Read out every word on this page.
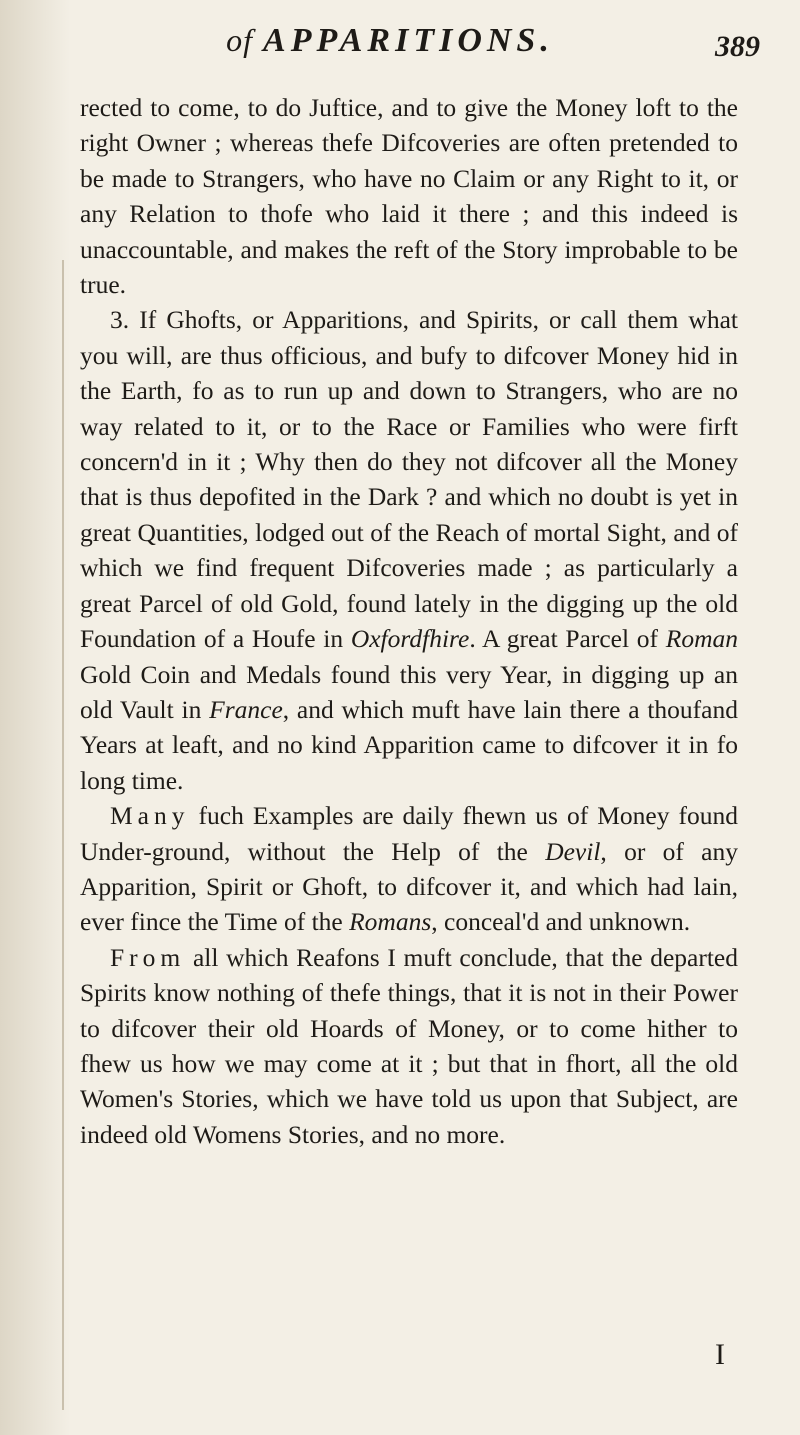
of APPARITIONS.	389

rected to come, to do Juftice, and to give the Money loft to the right Owner ; whereas thefe Difcoveries are often pretended to be made to Strangers, who have no Claim or any Right to it, or any Relation to thofe who laid it there ; and this indeed is unaccountable, and makes the reft of the Story improbable to be true.

3. If Ghofts, or Apparitions, and Spirits, or call them what you will, are thus officious, and bufy to difcover Money hid in the Earth, fo as to run up and down to Strangers, who are no way related to it, or to the Race or Families who were firft concern'd in it ; Why then do they not difcover all the Money that is thus depofited in the Dark ? and which no doubt is yet in great Quantities, lodged out of the Reach of mortal Sight, and of which we find frequent Difcoveries made ; as particularly a great Parcel of old Gold, found lately in the digging up the old Foundation of a Houfe in Oxfordfhire. A great Parcel of Roman Gold Coin and Medals found this very Year, in digging up an old Vault in France, and which muft have lain there a thoufand Years at leaft, and no kind Apparition came to difcover it in fo long time.

Many fuch Examples are daily fhewn us of Money found Under-ground, without the Help of the Devil, or of any Apparition, Spirit or Ghoft, to difcover it, and which had lain, ever fince the Time of the Romans, conceal'd and unknown.

From all which Reafons I muft conclude, that the departed Spirits know nothing of thefe things, that it is not in their Power to difcover their old Hoards of Money, or to come hither to fhew us how we may come at it ; but that in fhort, all the old Women's Stories, which we have told us upon that Subject, are indeed old Womens Stories, and no more.

I
